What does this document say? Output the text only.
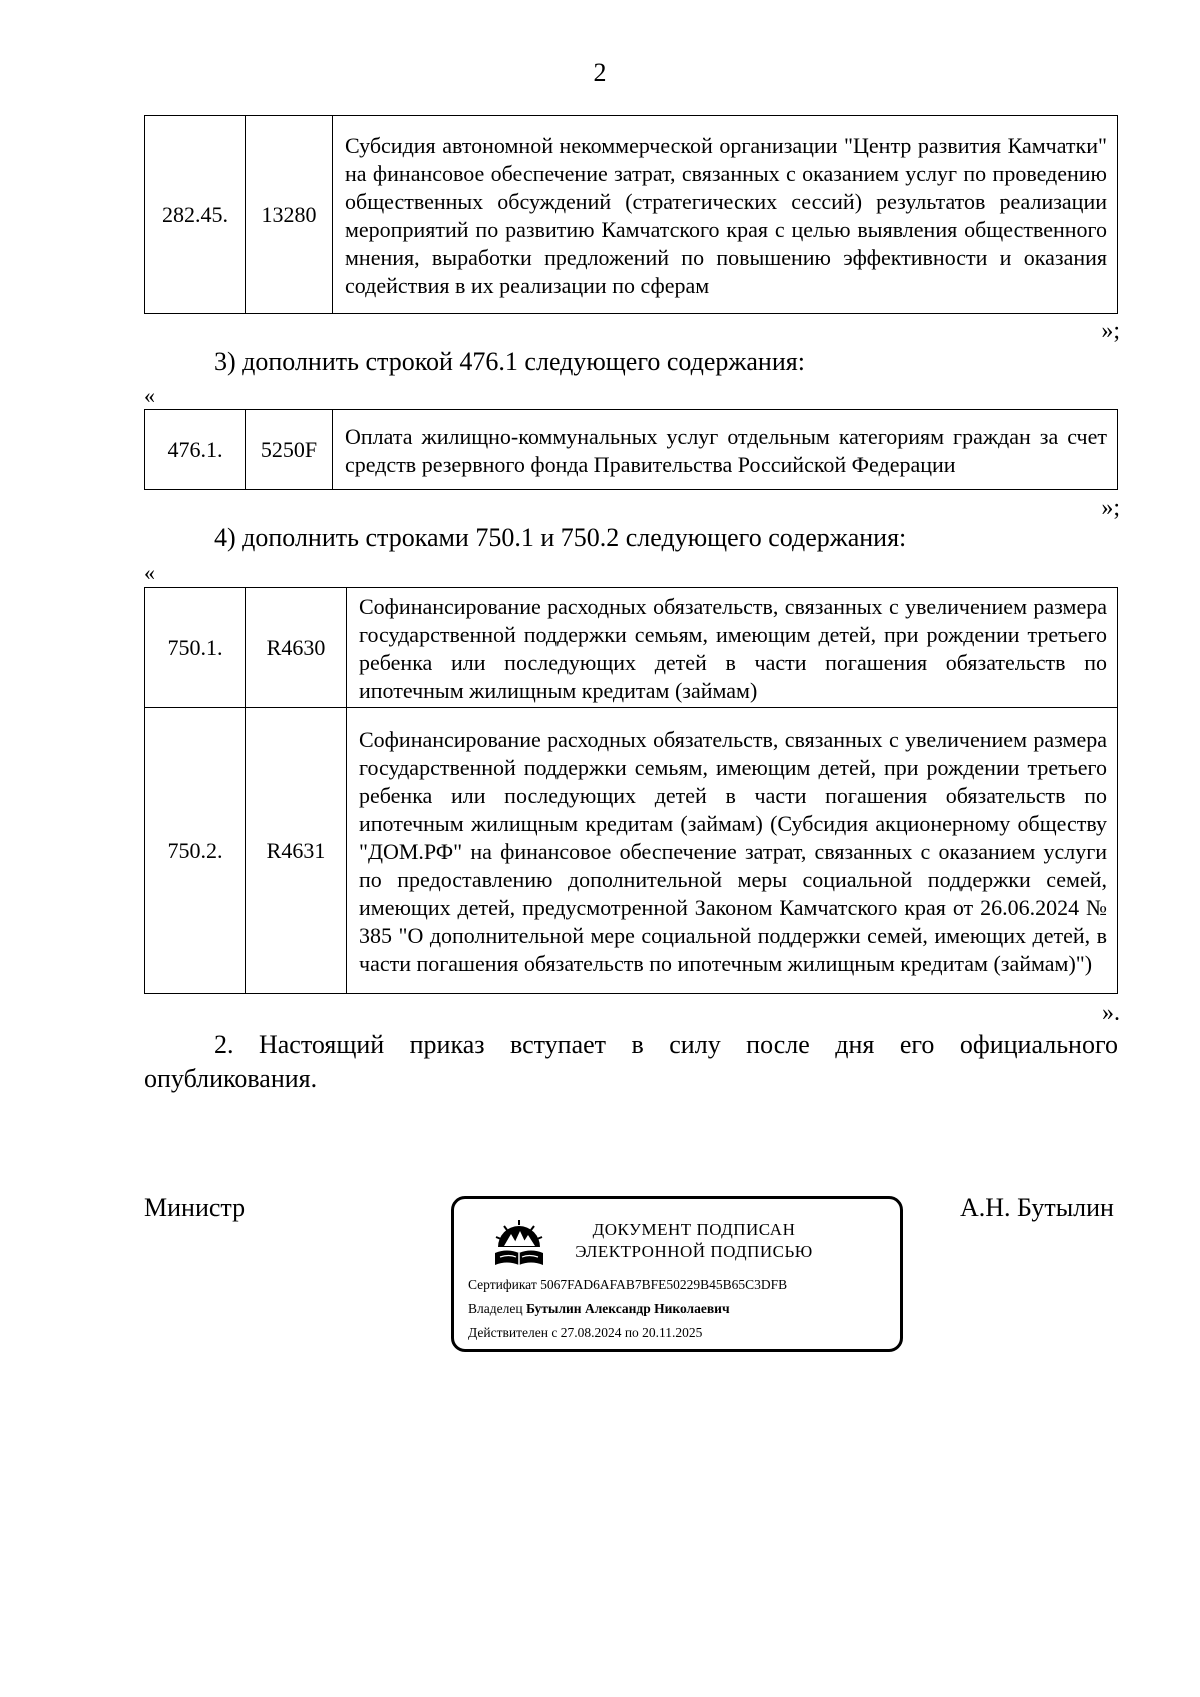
2
282.45.	13280	Субсидия автономной некоммерческой организации "Центр развития Камчатки" на финансовое обеспечение затрат, связанных с оказанием услуг по проведению общественных обсуждений (стратегических сессий) результатов реализации мероприятий по развитию Камчатского края с целью выявления общественного мнения, выработки предложений по повышению эффективности и оказания содействия в их реализации по сферам
»;
3) дополнить строкой 476.1 следующего содержания:
«
476.1.	5250F	Оплата жилищно-коммунальных услуг отдельным категориям граждан за счет средств резервного фонда Правительства Российской Федерации
»;
4) дополнить строками 750.1 и 750.2 следующего содержания:
«
750.1.	R4630	Софинансирование расходных обязательств, связанных с увеличением размера государственной поддержки семьям, имеющим детей, при рождении третьего ребенка или последующих детей в части погашения обязательств по ипотечным жилищным кредитам (займам)
750.2.	R4631	Софинансирование расходных обязательств, связанных с увеличением размера государственной поддержки семьям, имеющим детей, при рождении третьего ребенка или последующих детей в части погашения обязательств по ипотечным жилищным кредитам (займам) (Субсидия акционерному обществу "ДОМ.РФ" на финансовое обеспечение затрат, связанных с оказанием услуги по предоставлению дополнительной меры социальной поддержки семей, имеющих детей, предусмотренной Законом Камчатского края от 26.06.2024 № 385 "О дополнительной мере социальной поддержки семей, имеющих детей, в части погашения обязательств по ипотечным жилищным кредитам (займам)")
».
2. Настоящий приказ вступает в силу после дня его официального опубликования.
Министр	А.Н. Бутылин
ДОКУМЕНТ ПОДПИСАН
ЭЛЕКТРОННОЙ ПОДПИСЬЮ
Сертификат 5067FAD6AFAB7BFE50229B45B65C3DFB
Владелец Бутылин Александр Николаевич
Действителен с 27.08.2024 по 20.11.2025
